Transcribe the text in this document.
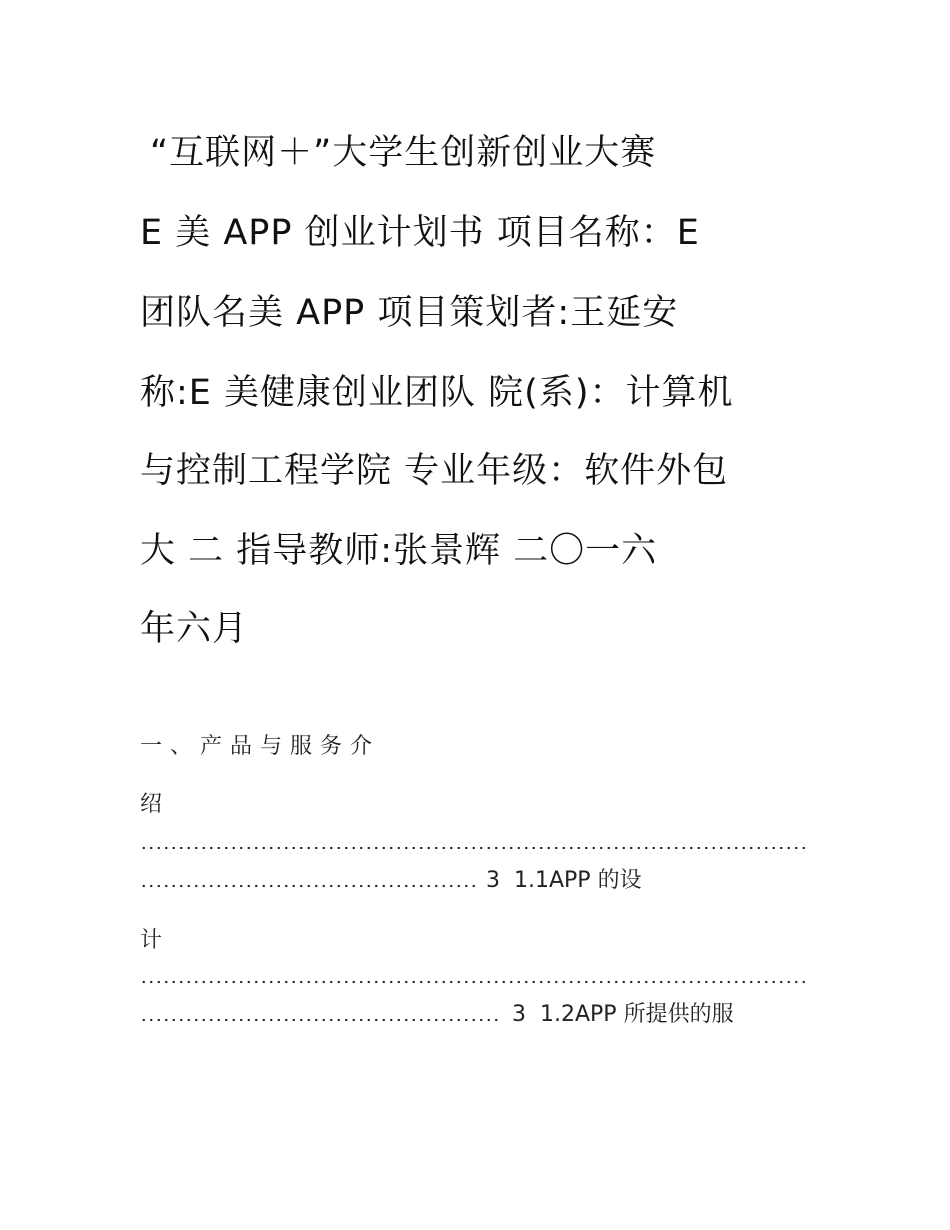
“互联网＋”大学生创新创业大赛
E 美 APP 创业计划书 项目名称：E
团队名美 APP 项目策划者:王延安
称:E 美健康创业团队 院(系)：计算机
与控制工程学院 专业年级：软件外包
大 二 指导教师:张景辉 二〇一六
年六月
一、产品与服务介
绍
3 1.1APP 的设
计
3 1.2APP 所提供的服
